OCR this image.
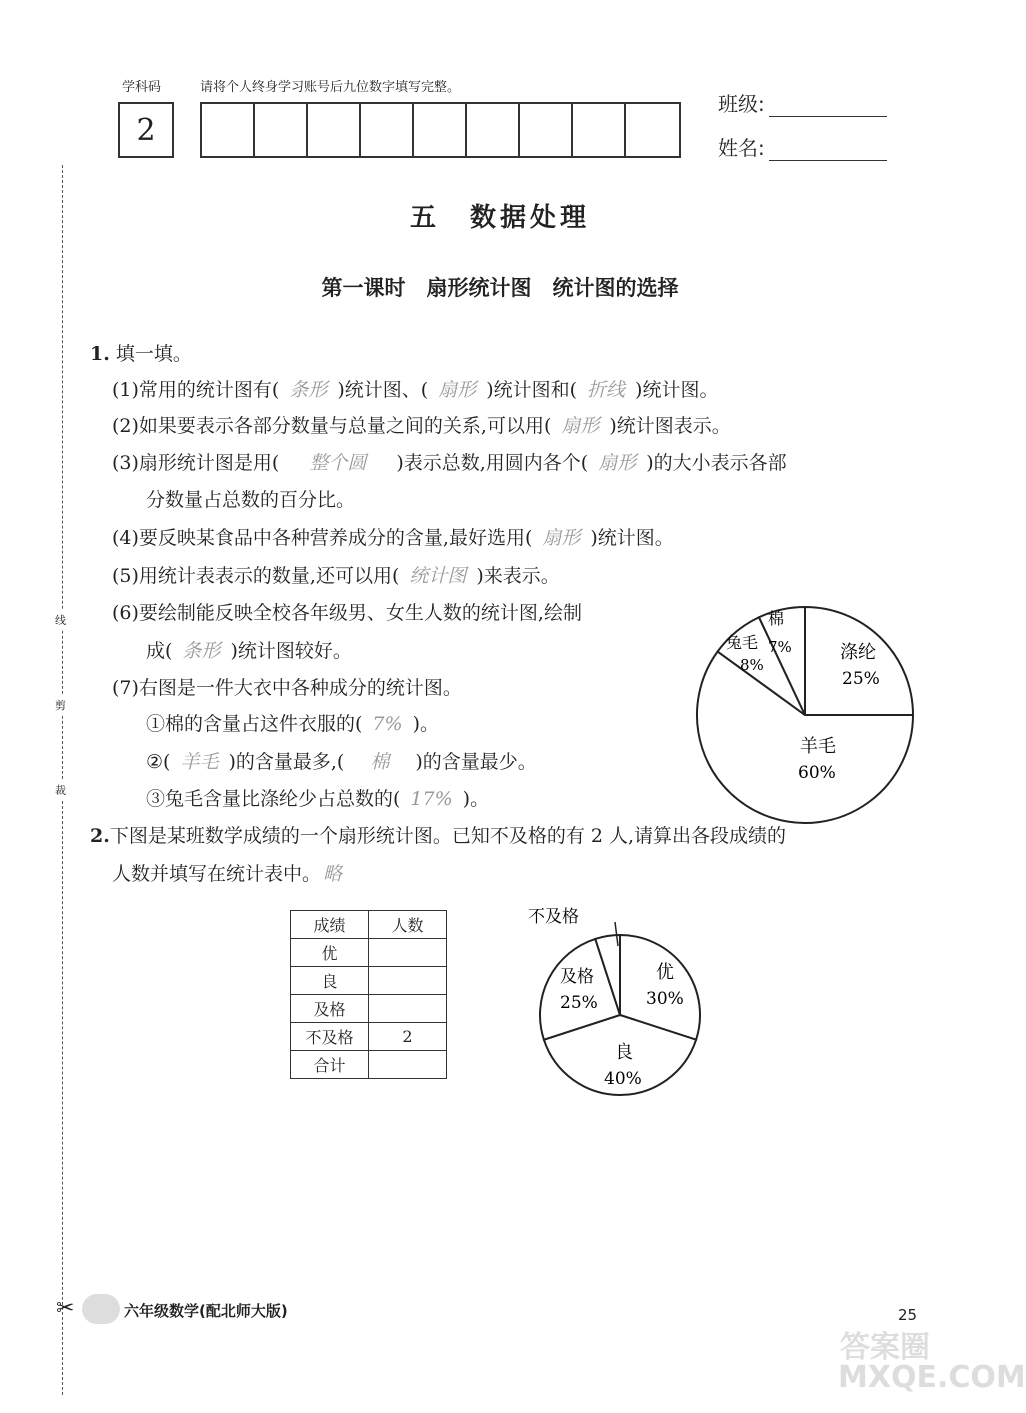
学科码	请将个人终身学习账号后九位数字填写完整。
2
班级:
姓名:
线
剪
裁
五　数据处理
第一课时　扇形统计图　统计图的选择
1. 填一填。
(1)常用的统计图有( 条形 )统计图、( 扇形 )统计图和( 折线 )统计图。
(2)如果要表示各部分数量与总量之间的关系,可以用( 扇形 )统计图表示。
(3)扇形统计图是用( 整个圆 )表示总数,用圆内各个( 扇形 )的大小表示各部
分数量占总数的百分比。
(4)要反映某食品中各种营养成分的含量,最好选用( 扇形 )统计图。
(5)用统计表表示的数量,还可以用( 统计图 )来表示。
(6)要绘制能反映全校各年级男、女生人数的统计图,绘制
成( 条形 )统计图较好。
(7)右图是一件大衣中各种成分的统计图。
①棉的含量占这件衣服的( 7% )。
②( 羊毛 )的含量最多,( 棉 )的含量最少。
③兔毛含量比涤纶少占总数的( 17% )。
涤纶
25%
羊毛
60%
兔毛
8%
棉
7%
2.下图是某班数学成绩的一个扇形统计图。已知不及格的有 2 人,请算出各段成绩的
人数并填写在统计表中。 略
成绩	人数
优	
良	
及格	
不及格	2
合计	
不及格
优
30%
良
40%
及格
25%
✂	六年级数学(配北师大版)	25
答案圈
MXQE.COM
